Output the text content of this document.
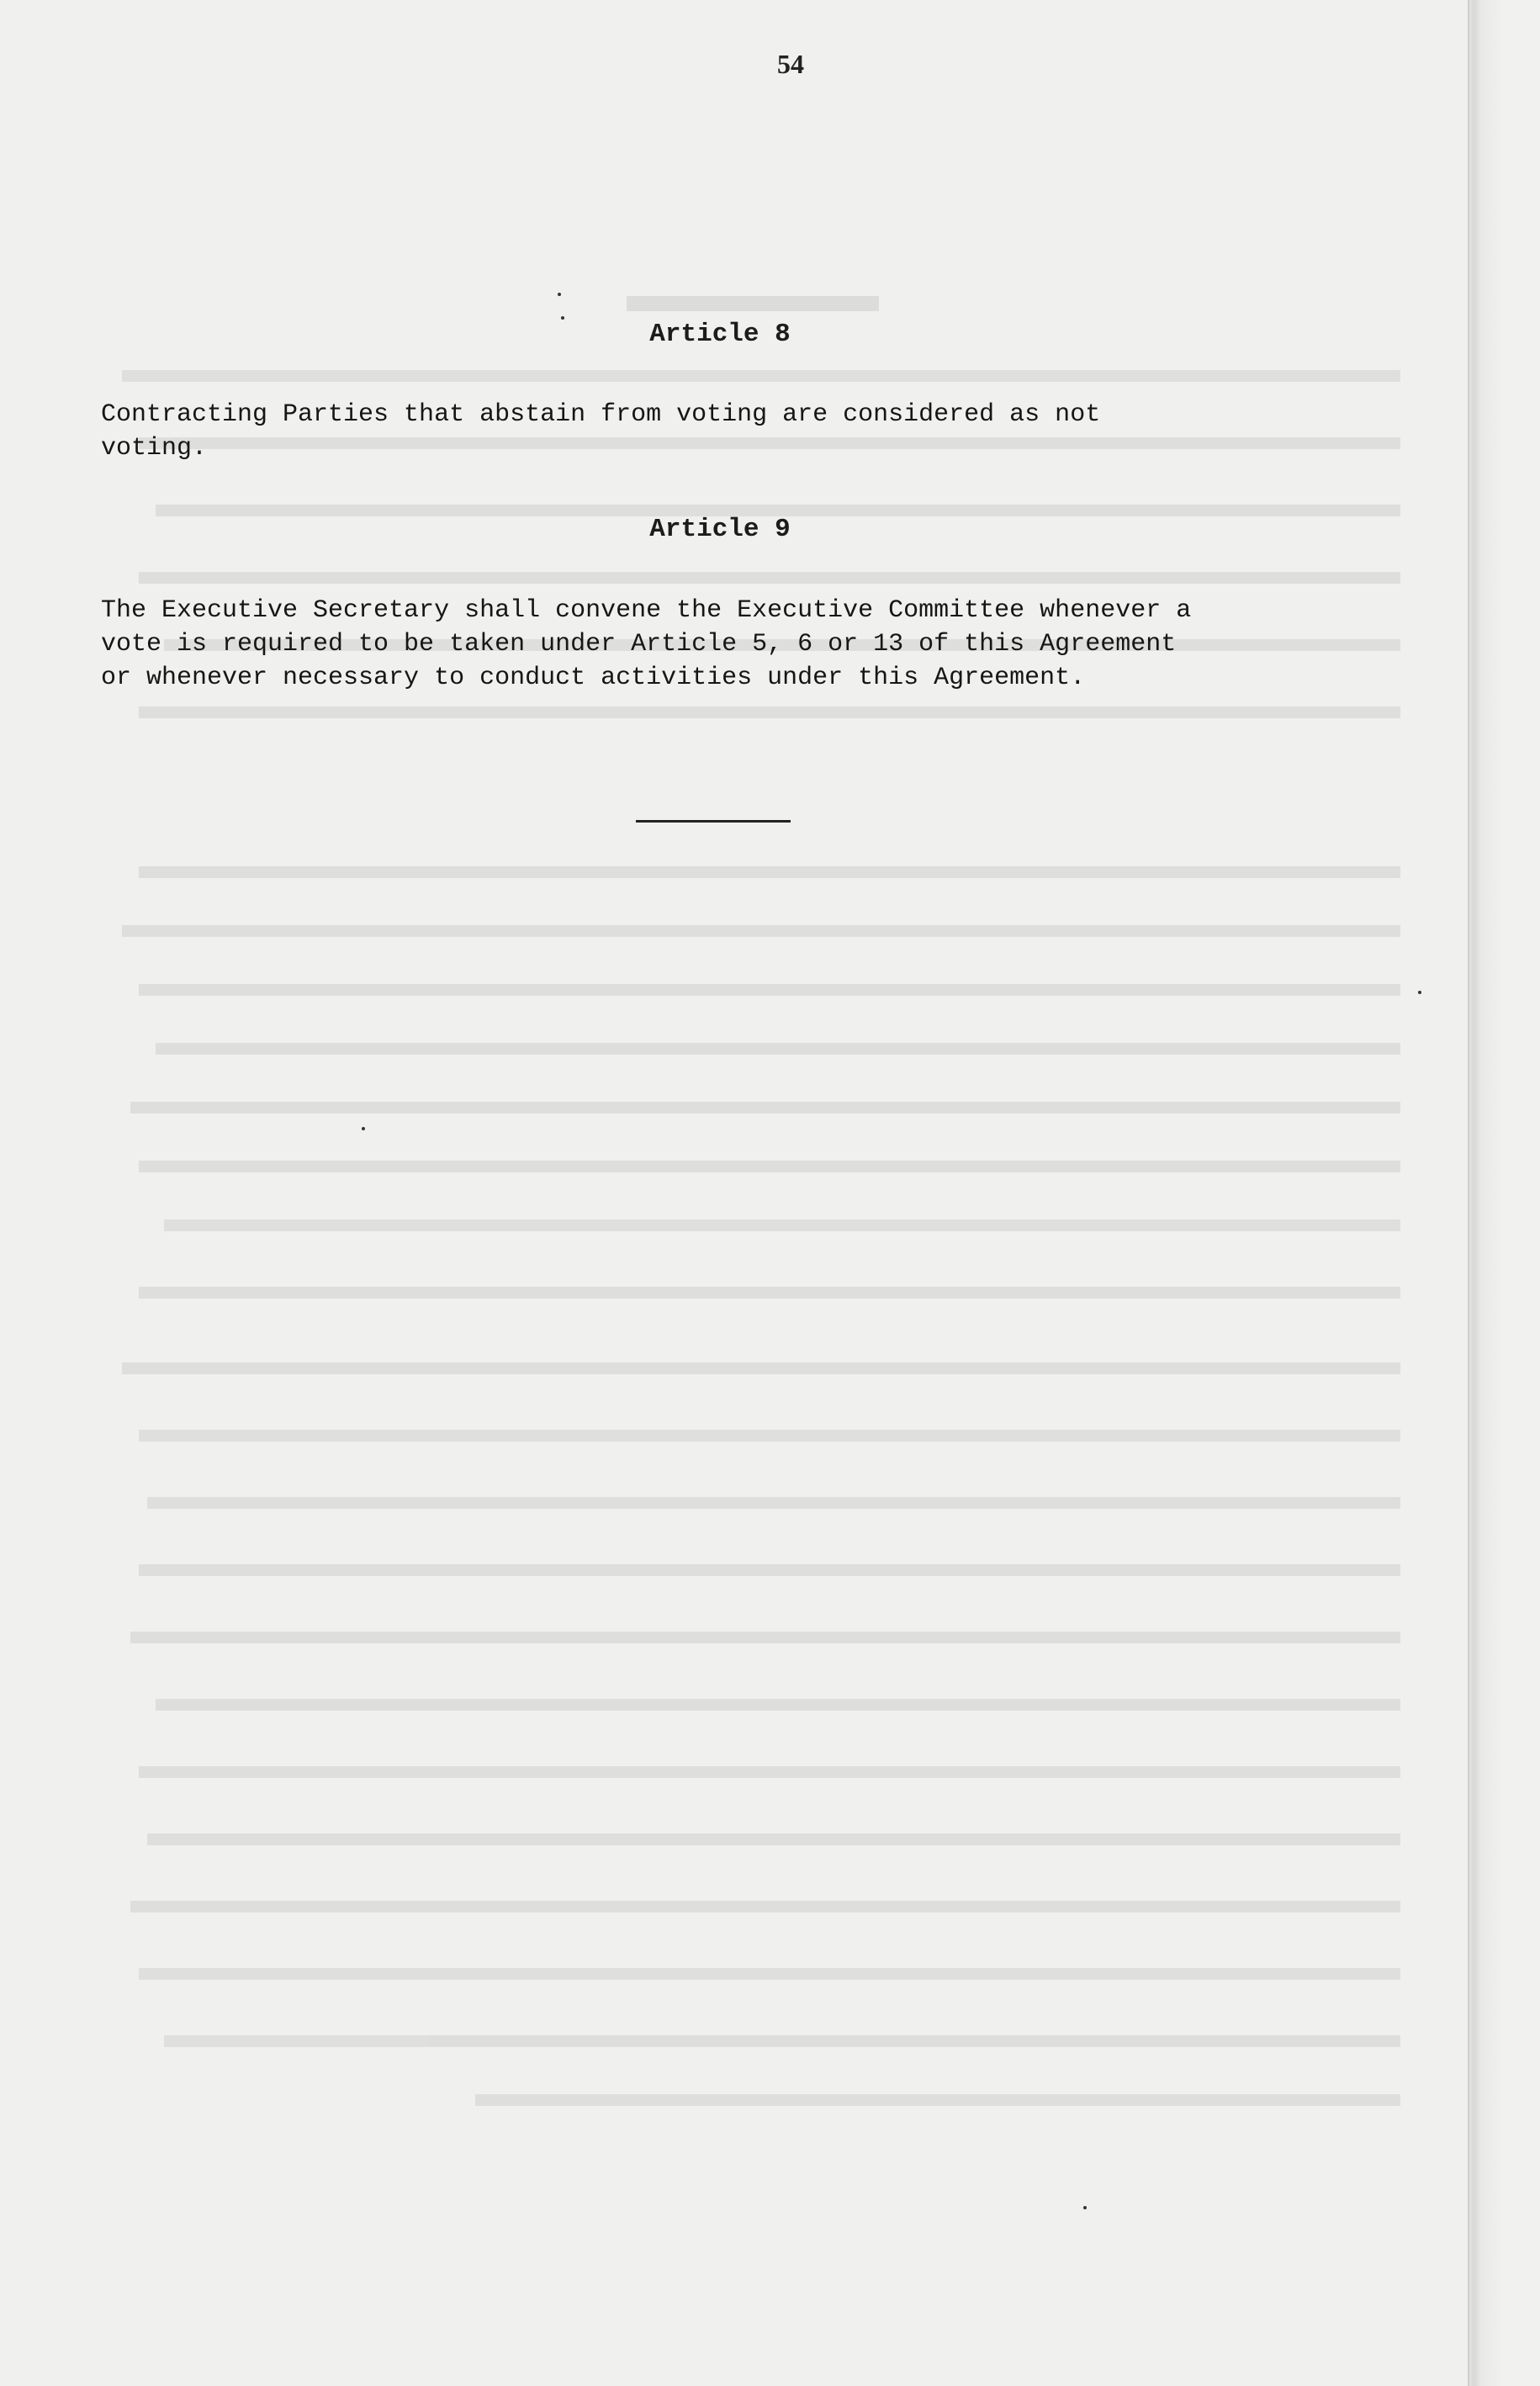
54
Article 8
Contracting Parties that abstain from voting are considered as not
voting.
Article 9
The Executive Secretary shall convene the Executive Committee whenever a
vote is required to be taken under Article 5, 6 or 13 of this Agreement
or whenever necessary to conduct activities under this Agreement.
